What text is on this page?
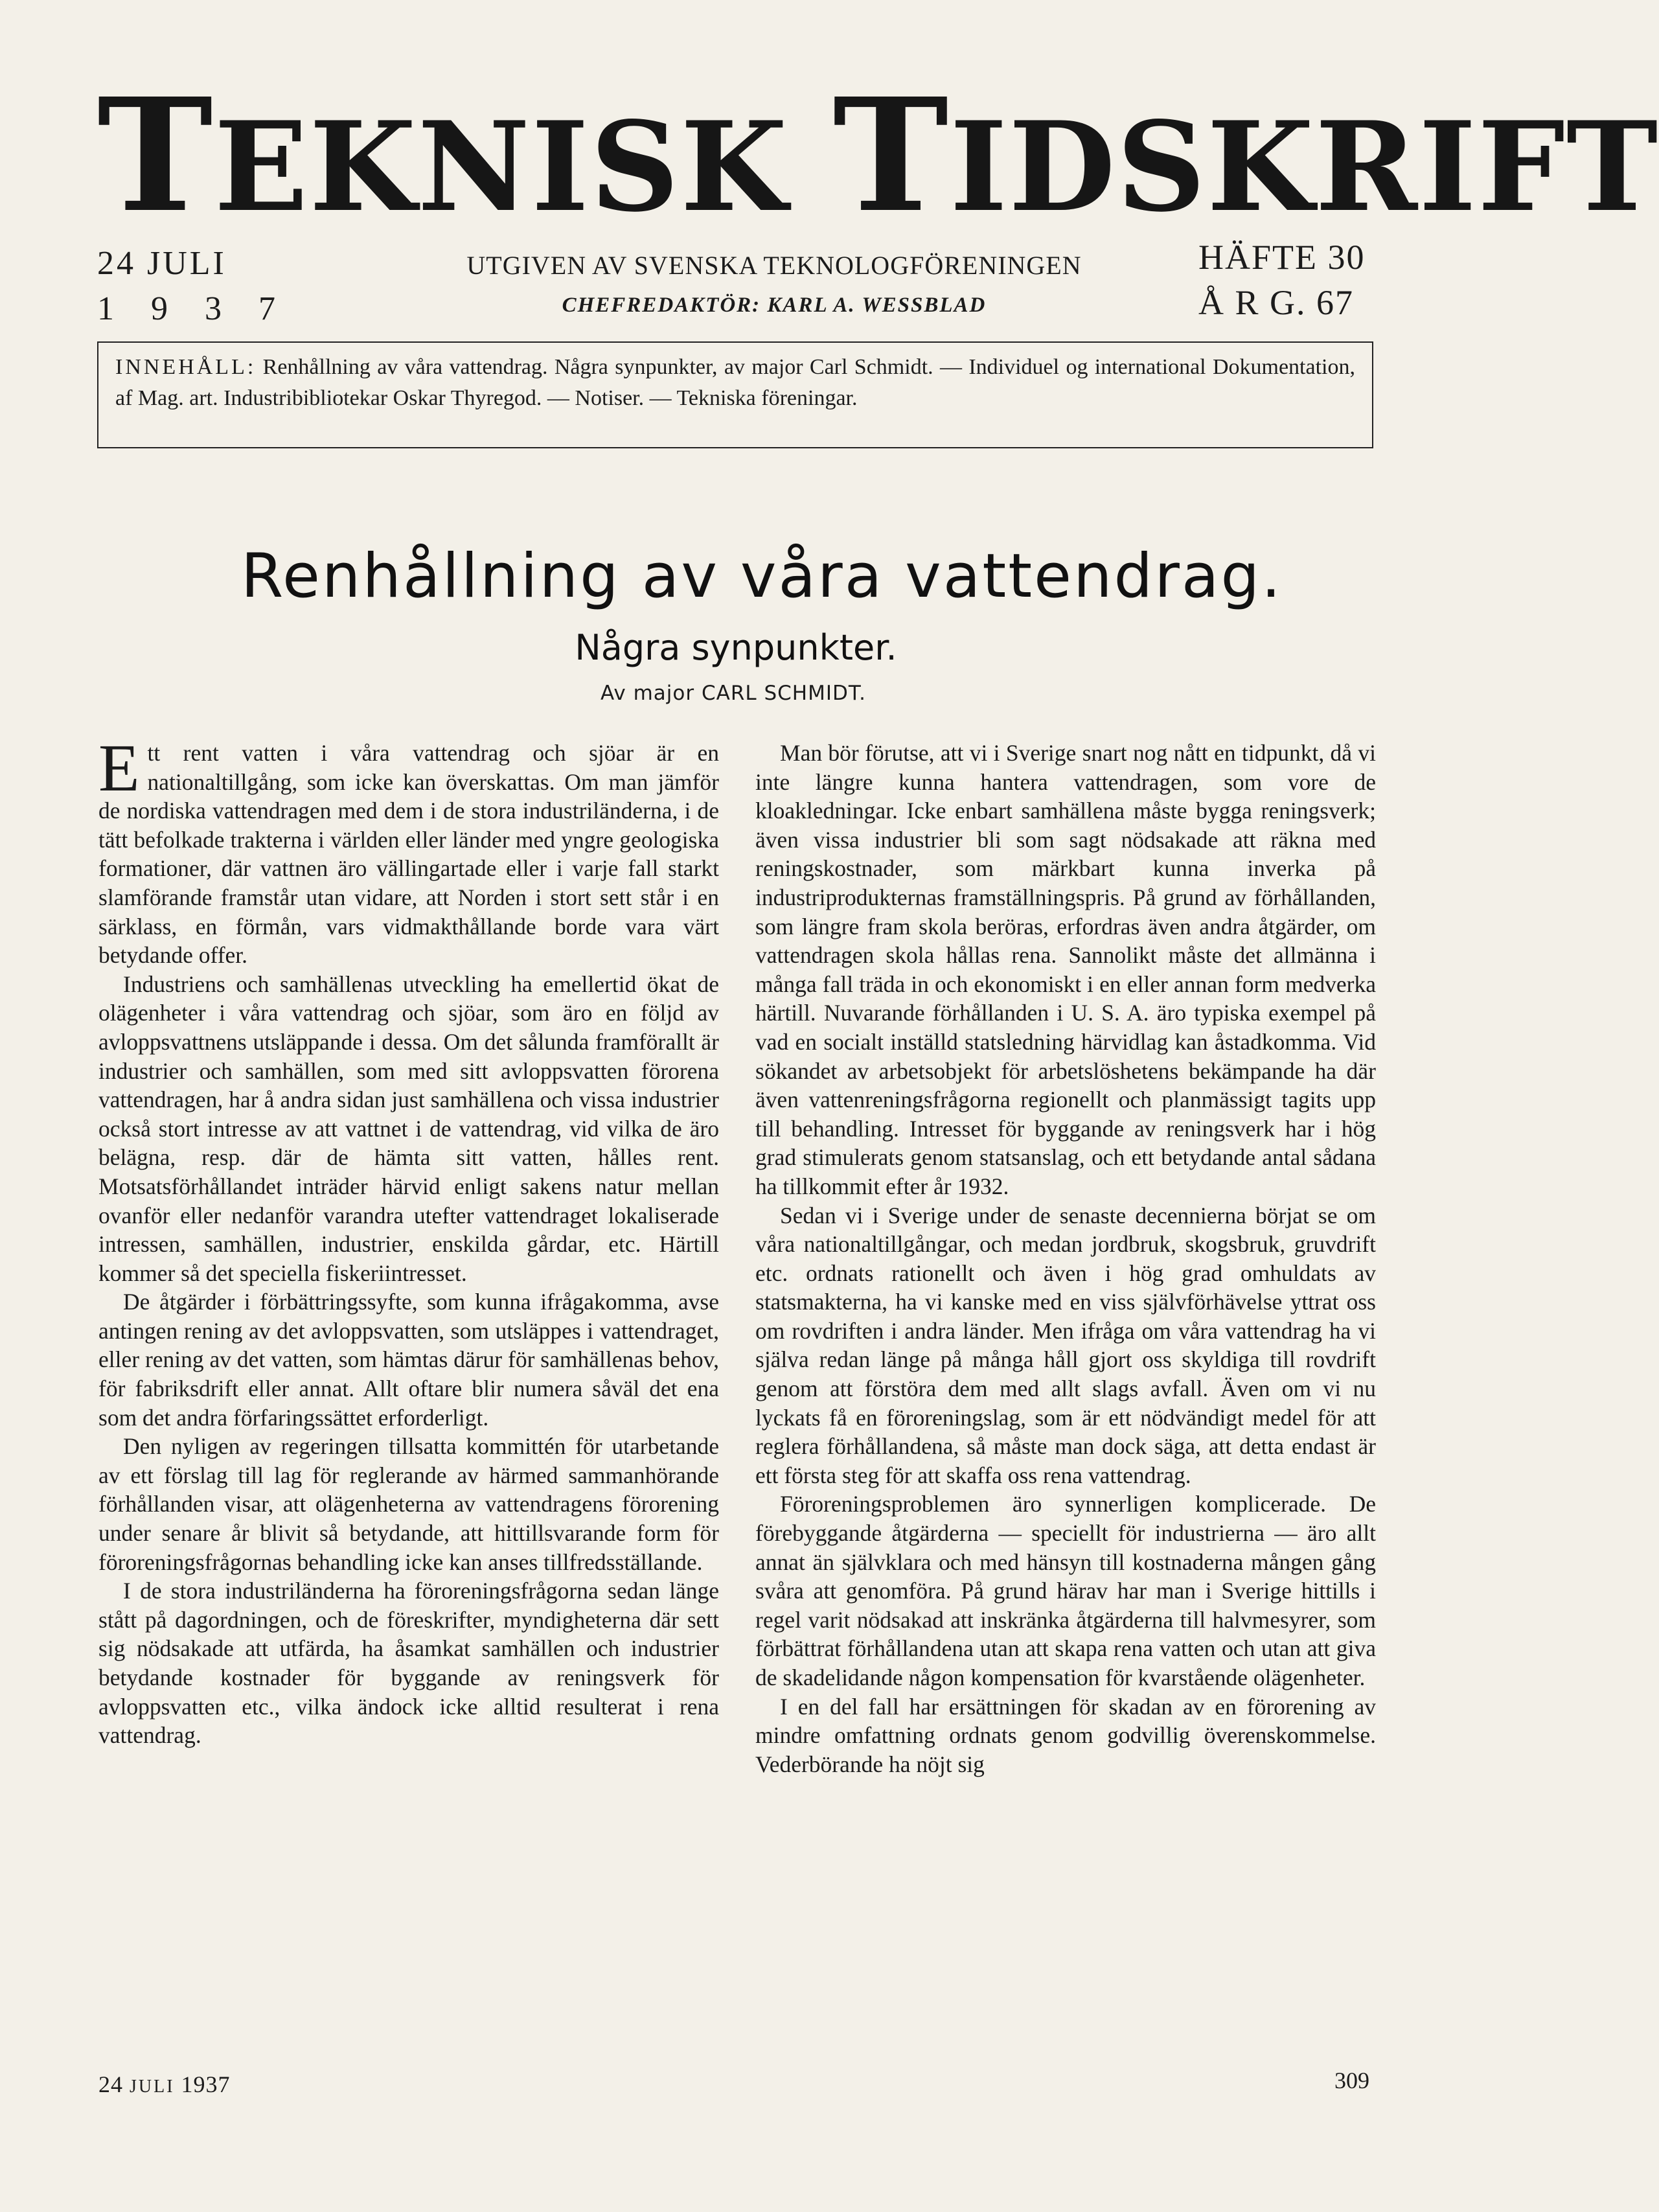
TEKNISK TIDSKRIFT
24 JULI
1 9 3 7
UTGIVEN AV SVENSKA TEKNOLOGFÖRENINGEN
CHEFREDAKTÖR: KARL A. WESSBLAD
HÄFTE 30
Å R G. 67
INNEHÅLL: Renhållning av våra vattendrag. Några synpunkter, av major Carl Schmidt. — Individuel og international Dokumentation, af Mag. art. Industribibliotekar Oskar Thyregod. — Notiser. — Tekniska föreningar.
Renhållning av våra vattendrag.
Några synpunkter.
Av major CARL SCHMIDT.

Ett rent vatten i våra vattendrag och sjöar är en nationaltillgång, som icke kan överskattas. Om man jämför de nordiska vattendragen med dem i de stora industriländerna, i de tätt befolkade trakterna i världen eller länder med yngre geologiska formationer, där vattnen äro vällingartade eller i varje fall starkt slamförande framstår utan vidare, att Norden i stort sett står i en särklass, en förmån, vars vidmakthållande borde vara värt betydande offer.

Industriens och samhällenas utveckling ha emellertid ökat de olägenheter i våra vattendrag och sjöar, som äro en följd av avloppsvattnens utsläppande i dessa. Om det sålunda framförallt är industrier och samhällen, som med sitt avloppsvatten förorena vattendragen, har å andra sidan just samhällena och vissa industrier också stort intresse av att vattnet i de vattendrag, vid vilka de äro belägna, resp. där de hämta sitt vatten, hålles rent. Motsatsförhållandet inträder härvid enligt sakens natur mellan ovanför eller nedanför varandra utefter vattendraget lokaliserade intressen, samhällen, industrier, enskilda gårdar, etc. Härtill kommer så det speciella fiskeriintresset.

De åtgärder i förbättringssyfte, som kunna ifrågakomma, avse antingen rening av det avloppsvatten, som utsläppes i vattendraget, eller rening av det vatten, som hämtas därur för samhällenas behov, för fabriksdrift eller annat. Allt oftare blir numera såväl det ena som det andra förfaringssättet erforderligt.

Den nyligen av regeringen tillsatta kommittén för utarbetande av ett förslag till lag för reglerande av härmed sammanhörande förhållanden visar, att olägenheterna av vattendragens förorening under senare år blivit så betydande, att hittillsvarande form för föroreningsfrågornas behandling icke kan anses tillfredsställande.

I de stora industriländerna ha föroreningsfrågorna sedan länge stått på dagordningen, och de föreskrifter, myndigheterna där sett sig nödsakade att utfärda, ha åsamkat samhällen och industrier betydande kostnader för byggande av reningsverk för avloppsvatten etc., vilka ändock icke alltid resulterat i rena vattendrag.

Man bör förutse, att vi i Sverige snart nog nått en tidpunkt, då vi inte längre kunna hantera vattendragen, som vore de kloakledningar. Icke enbart samhällena måste bygga reningsverk; även vissa industrier bli som sagt nödsakade att räkna med reningskostnader, som märkbart kunna inverka på industriprodukternas framställningspris. På grund av förhållanden, som längre fram skola beröras, erfordras även andra åtgärder, om vattendragen skola hållas rena. Sannolikt måste det allmänna i många fall träda in och ekonomiskt i en eller annan form medverka härtill. Nuvarande förhållanden i U. S. A. äro typiska exempel på vad en socialt inställd statsledning härvidlag kan åstadkomma. Vid sökandet av arbetsobjekt för arbetslöshetens bekämpande ha där även vattenreningsfrågorna regionellt och planmässigt tagits upp till behandling. Intresset för byggande av reningsverk har i hög grad stimulerats genom statsanslag, och ett betydande antal sådana ha tillkommit efter år 1932.

Sedan vi i Sverige under de senaste decennierna börjat se om våra nationaltillgångar, och medan jordbruk, skogsbruk, gruvdrift etc. ordnats rationellt och även i hög grad omhuldats av statsmakterna, ha vi kanske med en viss självförhävelse yttrat oss om rovdriften i andra länder. Men ifråga om våra vattendrag ha vi själva redan länge på många håll gjort oss skyldiga till rovdrift genom att förstöra dem med allt slags avfall. Även om vi nu lyckats få en föroreningslag, som är ett nödvändigt medel för att reglera förhållandena, så måste man dock säga, att detta endast är ett första steg för att skaffa oss rena vattendrag.

Föroreningsproblemen äro synnerligen komplicerade. De förebyggande åtgärderna — speciellt för industrierna — äro allt annat än självklara och med hänsyn till kostnaderna mången gång svåra att genomföra. På grund härav har man i Sverige hittills i regel varit nödsakad att inskränka åtgärderna till halvmesyrer, som förbättrat förhållandena utan att skapa rena vatten och utan att giva de skadelidande någon kompensation för kvarstående olägenheter.

I en del fall har ersättningen för skadan av en förorening av mindre omfattning ordnats genom godvillig överenskommelse. Vederbörande ha nöjt sig

24 JULI 1937	309
